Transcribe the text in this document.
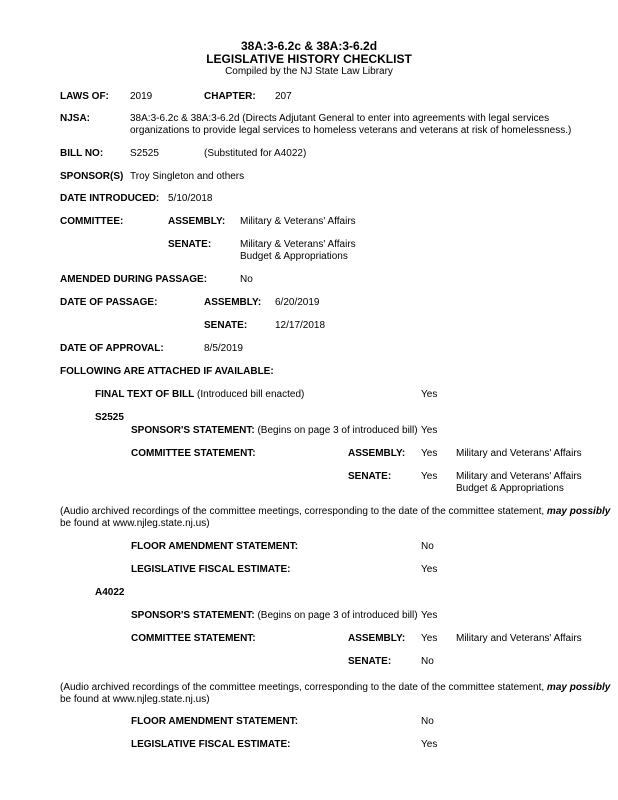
38A:3-6.2c & 38A:3-6.2d
LEGISLATIVE HISTORY CHECKLIST
Compiled by the NJ State Law Library
LAWS OF: 2019	CHAPTER: 207
NJSA:	38A:3-6.2c & 38A:3-6.2d (Directs Adjutant General to enter into agreements with legal services
organizations to provide legal services to homeless veterans and veterans at risk of homelessness.)
BILL NO:	S2525	(Substituted for A4022)
SPONSOR(S) Troy Singleton and others
DATE INTRODUCED: 5/10/2018
COMMITTEE:	ASSEMBLY: Military & Veterans' Affairs
SENATE:	Military & Veterans' Affairs
Budget & Appropriations
AMENDED DURING PASSAGE:	No
DATE OF PASSAGE:	ASSEMBLY: 6/20/2019
SENATE:	12/17/2018
DATE OF APPROVAL:	8/5/2019
FOLLOWING ARE ATTACHED IF AVAILABLE:
FINAL TEXT OF BILL (Introduced bill enacted)	Yes
S2525
SPONSOR'S STATEMENT: (Begins on page 3 of introduced bill) Yes
COMMITTEE STATEMENT:	ASSEMBLY: Yes Military and Veterans' Affairs
SENATE:	Yes Military and Veterans' Affairs
Budget & Appropriations
(Audio archived recordings of the committee meetings, corresponding to the date of the committee statement, may possibly
be found at www.njleg.state.nj.us)
FLOOR AMENDMENT STATEMENT:	No
LEGISLATIVE FISCAL ESTIMATE:	Yes
A4022
SPONSOR'S STATEMENT: (Begins on page 3 of introduced bill) Yes
COMMITTEE STATEMENT:	ASSEMBLY: Yes Military and Veterans' Affairs
SENATE:	No
(Audio archived recordings of the committee meetings, corresponding to the date of the committee statement, may possibly
be found at www.njleg.state.nj.us)
FLOOR AMENDMENT STATEMENT:	No
LEGISLATIVE FISCAL ESTIMATE:	Yes
